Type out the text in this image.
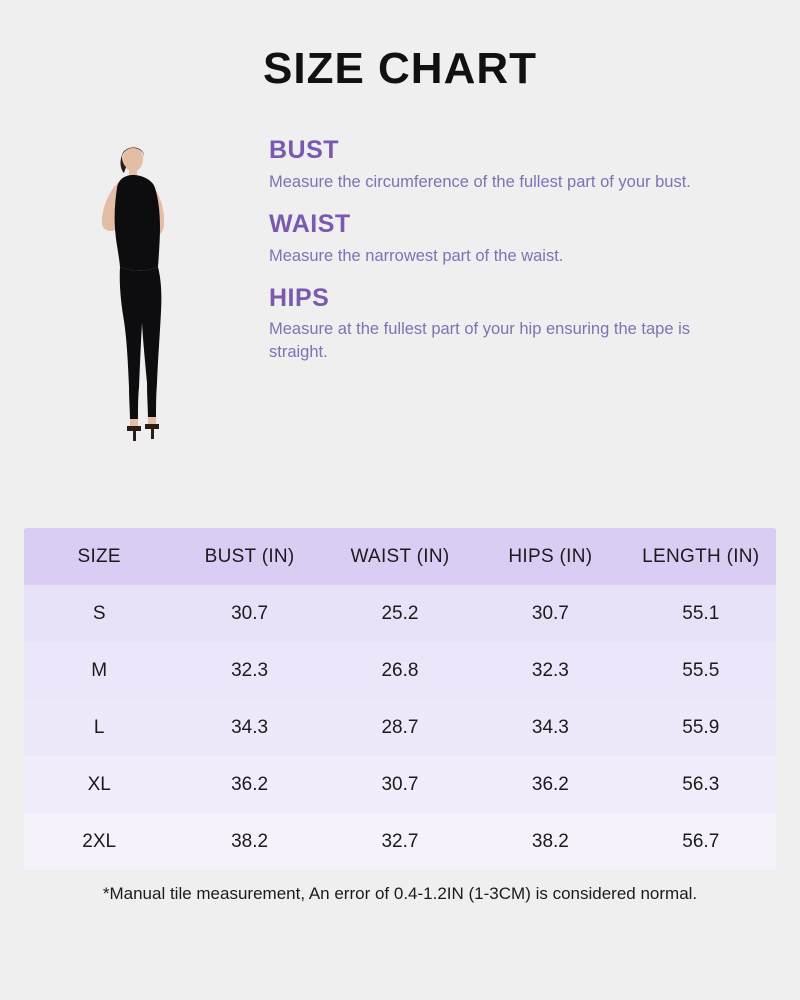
SIZE CHART

BUST

Measure the circumference of the fullest part of your bust.

WAIST

Measure the narrowest part of the waist.

HIPS

Measure at the fullest part of your hip ensuring the tape is straight.

SIZE	BUST (IN)	WAIST (IN)	HIPS (IN)	LENGTH (IN)
S	30.7	25.2	30.7	55.1
M	32.3	26.8	32.3	55.5
L	34.3	28.7	34.3	55.9
XL	36.2	30.7	36.2	56.3
2XL	38.2	32.7	38.2	56.7
*Manual tile measurement, An error of 0.4-1.2IN (1-3CM) is considered normal.
